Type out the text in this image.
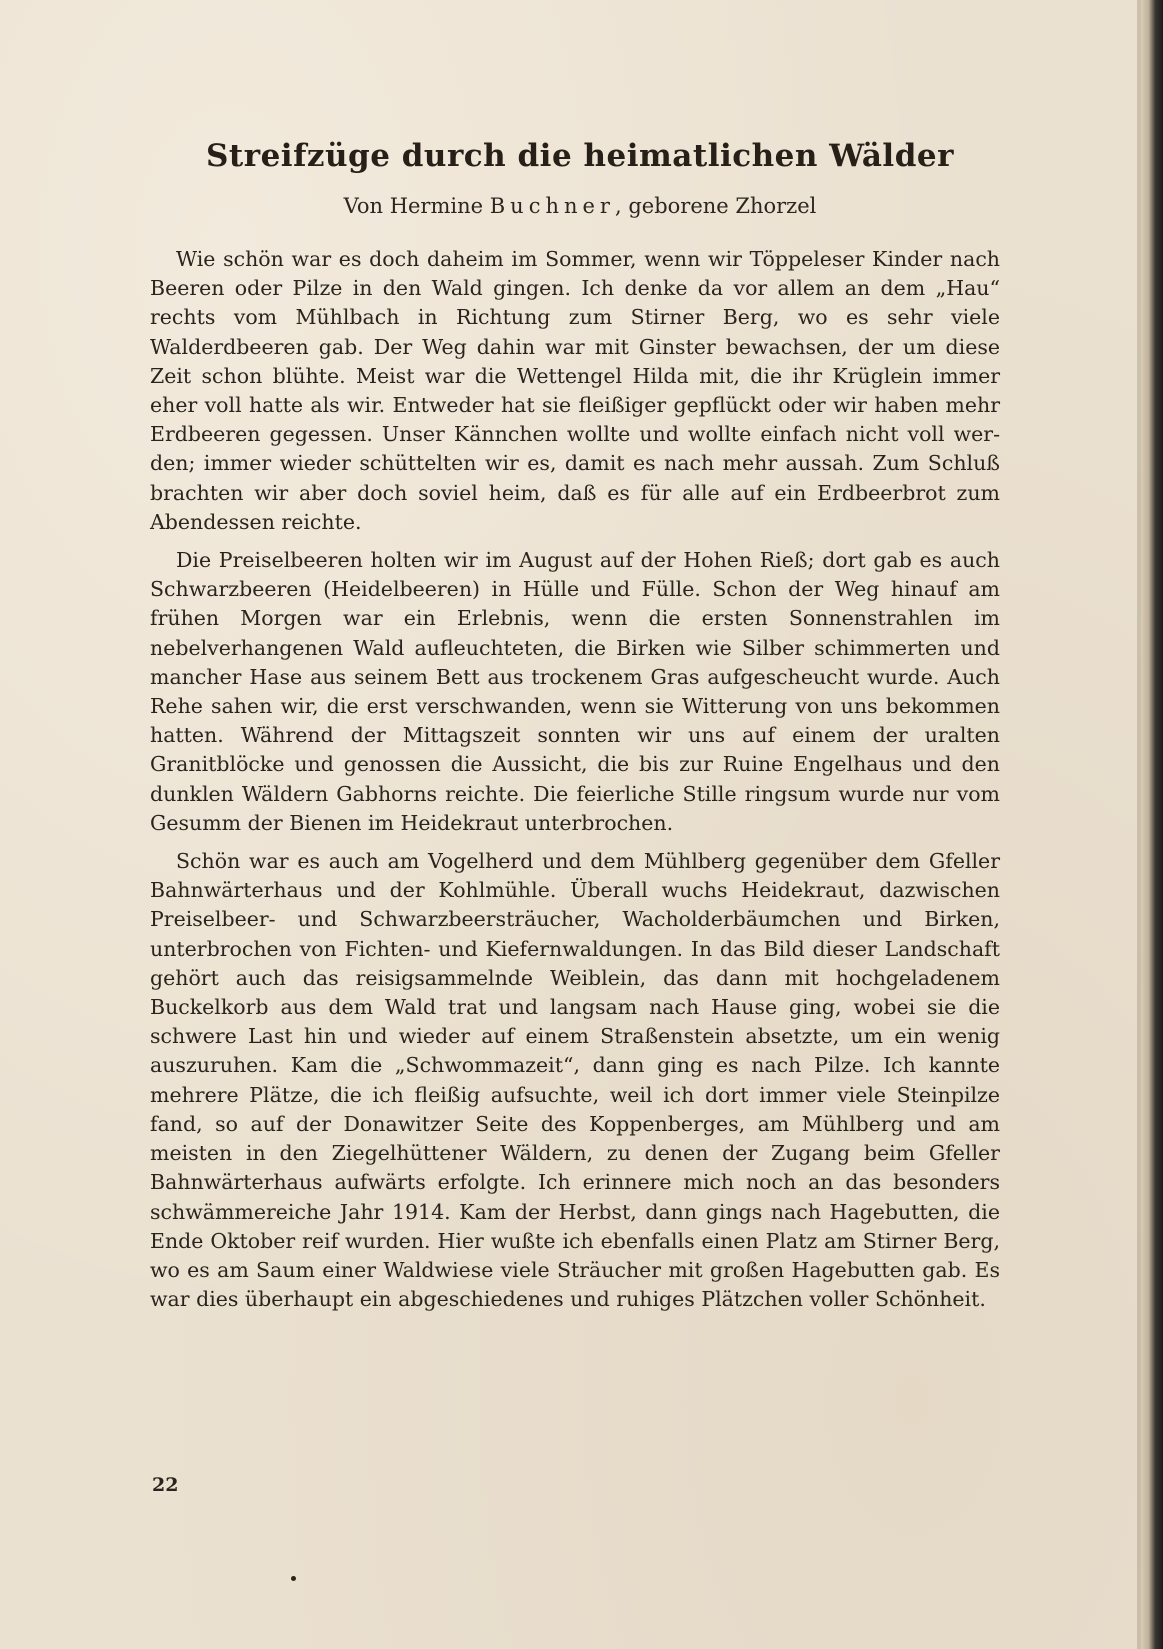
Streifzüge durch die heimatlichen Wälder
Von Hermine Buchner, geborene Zhorzel

Wie schön war es doch daheim im Sommer, wenn wir Töppeleser Kinder nach Beeren oder Pilze in den Wald gingen. Ich denke da vor allem an dem „Hau“ rechts vom Mühlbach in Richtung zum Stirner Berg, wo es sehr viele Walderdbeeren gab. Der Weg dahin war mit Ginster bewachsen, der um diese Zeit schon blühte. Meist war die Wettengel Hilda mit, die ihr Krüglein immer eher voll hatte als wir. Entweder hat sie fleißiger gepflückt oder wir haben mehr Erdbeeren gegessen. Unser Kännchen wollte und wollte einfach nicht voll werden; immer wieder schüttelten wir es, damit es nach mehr aussah. Zum Schluß brachten wir aber doch soviel heim, daß es für alle auf ein Erdbeerbrot zum Abendessen reichte.

Die Preiselbeeren holten wir im August auf der Hohen Rieß; dort gab es auch Schwarzbeeren (Heidelbeeren) in Hülle und Fülle. Schon der Weg hinauf am frühen Morgen war ein Erlebnis, wenn die ersten Sonnenstrahlen im nebelverhangenen Wald aufleuchteten, die Birken wie Silber schimmerten und mancher Hase aus seinem Bett aus trockenem Gras aufgescheucht wurde. Auch Rehe sahen wir, die erst verschwanden, wenn sie Witterung von uns bekommen hatten. Während der Mittagszeit sonnten wir uns auf einem der uralten Granitblöcke und genossen die Aussicht, die bis zur Ruine Engelhaus und den dunklen Wäldern Gabhorns reichte. Die feierliche Stille ringsum wurde nur vom Gesumm der Bienen im Heidekraut unterbrochen.

Schön war es auch am Vogelherd und dem Mühlberg gegenüber dem Gfeller Bahnwärterhaus und der Kohlmühle. Überall wuchs Heidekraut, dazwischen Preiselbeer- und Schwarzbeersträucher, Wacholderbäumchen und Birken, unterbrochen von Fichten- und Kiefernwaldungen. In das Bild dieser Landschaft gehört auch das reisigsammelnde Weiblein, das dann mit hochgeladenem Buckelkorb aus dem Wald trat und langsam nach Hause ging, wobei sie die schwere Last hin und wieder auf einem Straßenstein absetzte, um ein wenig auszuruhen. Kam die „Schwommazeit“, dann ging es nach Pilze. Ich kannte mehrere Plätze, die ich fleißig aufsuchte, weil ich dort immer viele Steinpilze fand, so auf der Donawitzer Seite des Koppenberges, am Mühlberg und am meisten in den Ziegelhüttener Wäldern, zu denen der Zugang beim Gfeller Bahnwärterhaus aufwärts erfolgte. Ich erinnere mich noch an das besonders schwämmereiche Jahr 1914. Kam der Herbst, dann gings nach Hagebutten, die Ende Oktober reif wurden. Hier wußte ich ebenfalls einen Platz am Stirner Berg, wo es am Saum einer Waldwiese viele Sträucher mit großen Hagebutten gab. Es war dies überhaupt ein abgeschiedenes und ruhiges Plätzchen voller Schönheit.

22
